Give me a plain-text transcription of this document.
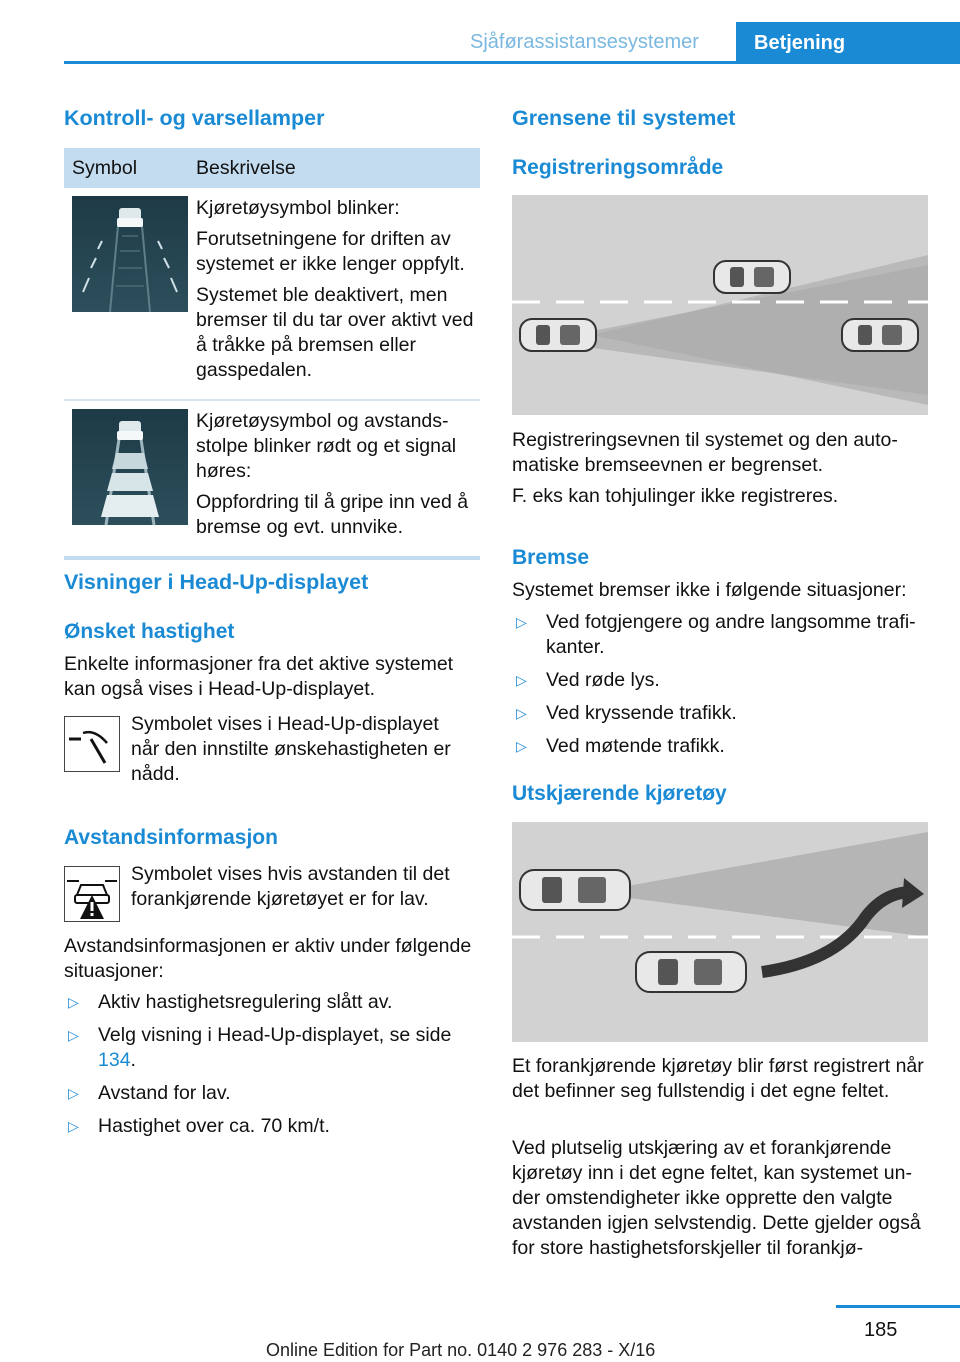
Sjåførassistansesystemer	Betjening
Kontroll- og varsellamper
Symbol	Beskrivelse

Kjøretøysymbol blinker:

Forutsetningene for driften av systemet er ikke lenger oppfylt.

Systemet ble deaktivert, men bremser til du tar over aktivt ved å tråkke på bremsen eller gasspedalen.

Kjøretøysymbol og avstandsstolpe blinker rødt og et signal høres:

Oppfordring til å gripe inn ved å bremse og evt. unnvike.

Visninger i Head-Up-displayet
Ønsket hastighet

Enkelte informasjoner fra det aktive systemet kan også vises i Head-Up-displayet.

Symbolet vises i Head-Up-displayet når den innstilte ønskehastigheten er nådd.

Avstandsinformasjon

Symbolet vises hvis avstanden til det forankjørende kjøretøyet er for lav.

Avstandsinformasjonen er aktiv under følgende situasjoner:

▷ Aktiv hastighetsregulering slått av.
▷ Velg visning i Head-Up-displayet, se side 134.
▷ Avstand for lav.
▷ Hastighet over ca. 70 km/t.
Grensene til systemet
Registreringsområde

Registreringsevnen til systemet og den automatiske bremseevnen er begrenset.

F. eks kan tohjulinger ikke registreres.

Bremse

Systemet bremser ikke i følgende situasjoner:

▷ Ved fotgjengere og andre langsomme trafikanter.
▷ Ved røde lys.
▷ Ved kryssende trafikk.
▷ Ved møtende trafikk.
Utskjærende kjøretøy

Et forankjørende kjøretøy blir først registrert når det befinner seg fullstendig i det egne feltet.

Ved plutselig utskjæring av et forankjørende kjøretøy inn i det egne feltet, kan systemet under omstendigheter ikke opprette den valgte avstanden igjen selvstendig. Dette gjelder også for store hastighetsforskjeller til forankjø-

185
Online Edition for Part no. 0140 2 976 283 - X/16
